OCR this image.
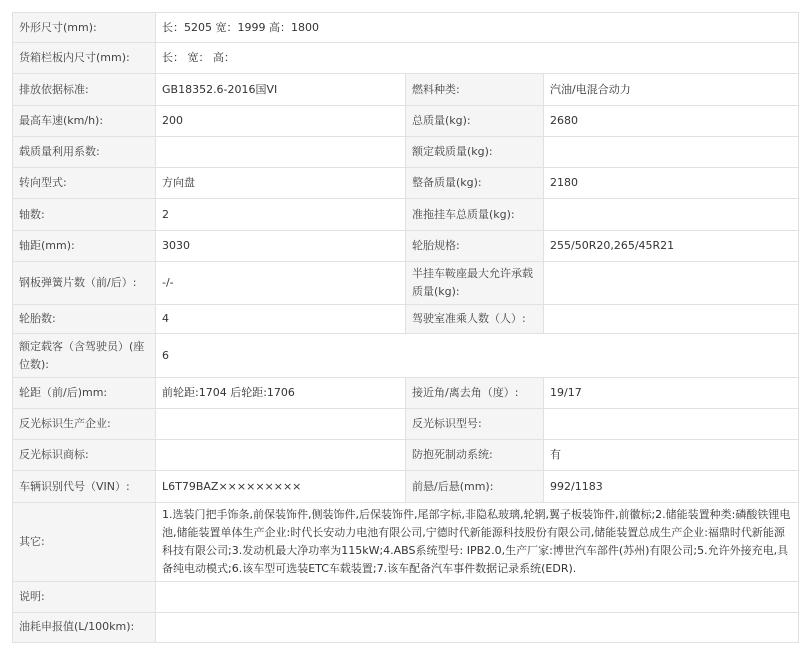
外形尺寸(mm):	长：5205 宽：1999 高：1800		
货箱栏板内尺寸(mm):	长： 宽： 高：		
排放依据标准:	GB18352.6-2016国VI	燃料种类:	汽油/电混合动力
最高车速(km/h):	200	总质量(kg):	2680
载质量利用系数:		额定载质量(kg):	
转向型式:	方向盘	整备质量(kg):	2180
轴数:	2	准拖挂车总质量(kg):	
轴距(mm):	3030	轮胎规格:	255/50R20,265/45R21
钢板弹簧片数（前/后）:	-/-	半挂车鞍座最大允许承载质量(kg):	
轮胎数:	4	驾驶室准乘人数（人）:	
额定载客（含驾驶员）(座位数):	6		
轮距（前/后)mm:	前轮距:1704 后轮距:1706	接近角/离去角（度）:	19/17
反光标识生产企业:		反光标识型号:	
反光标识商标:		防抱死制动系统:	有
车辆识别代号（VIN）:	L6T79BAZ×××××××××	前悬/后悬(mm):	992/1183
其它:	1.选装门把手饰条,前保装饰件,侧装饰件,后保装饰件,尾部字标,非隐私玻璃,轮辋,翼子板装饰件,前徽标;2.储能装置种类:磷酸铁锂电池,储能装置单体生产企业:时代长安动力电池有限公司,宁德时代新能源科技股份有限公司,储能装置总成生产企业:福鼎时代新能源科技有限公司;3.发动机最大净功率为115kW;4.ABS系统型号: IPB2.0,生产厂家:博世汽车部件(苏州)有限公司;5.允许外接充电,具备纯电动模式;6.该车型可选装ETC车载装置;7.该车配备汽车事件数据记录系统(EDR).		
说明:			
油耗申报值(L/100km):			
